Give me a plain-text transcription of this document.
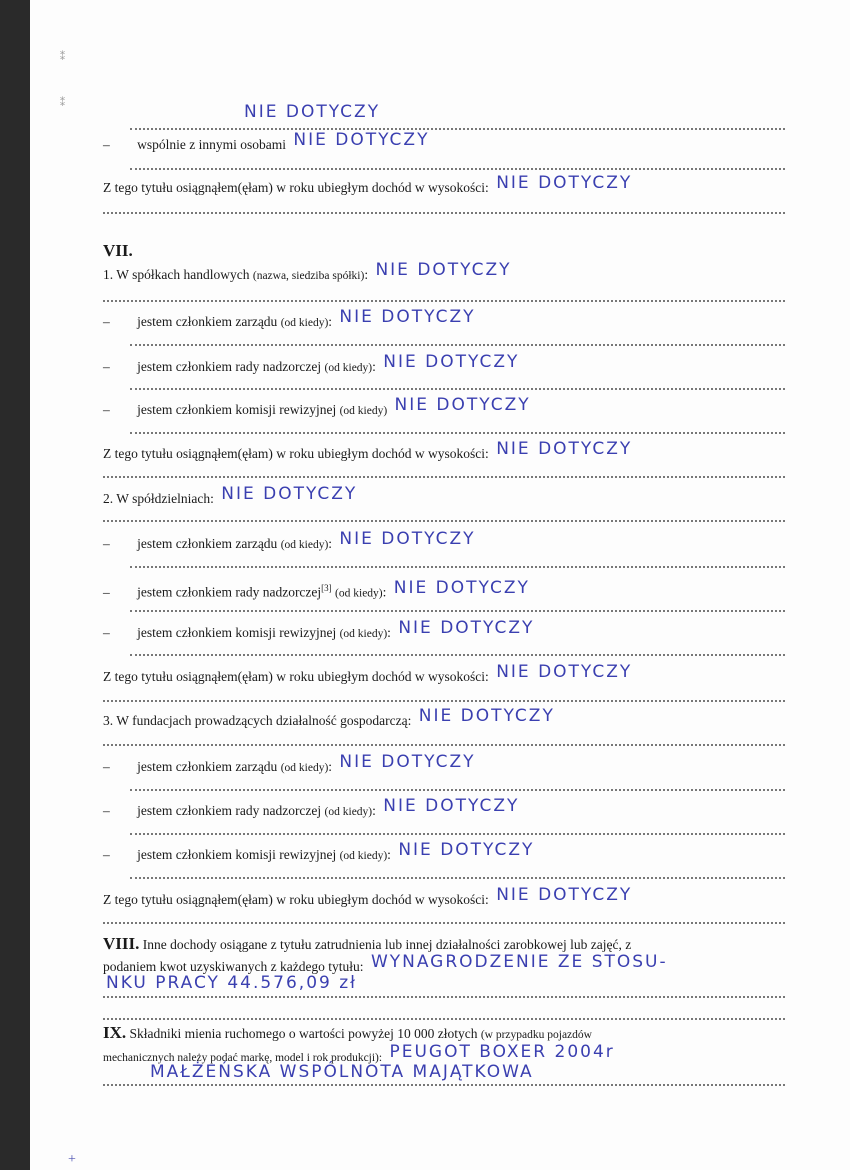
⁑
⁑	NIE DOTYCZY
– wspólnie z innymi osobami NIE DOTYCZY
Z tego tytułu osiągnąłem(ęłam) w roku ubiegłym dochód w wysokości: NIE DOTYCZY
VII.
1. W spółkach handlowych (nazwa, siedziba spółki): NIE DOTYCZY
– jestem członkiem zarządu (od kiedy): NIE DOTYCZY
– jestem członkiem rady nadzorczej (od kiedy): NIE DOTYCZY
– jestem członkiem komisji rewizyjnej (od kiedy) NIE DOTYCZY
Z tego tytułu osiągnąłem(ęłam) w roku ubiegłym dochód w wysokości: NIE DOTYCZY
2. W spółdzielniach: NIE DOTYCZY
– jestem członkiem zarządu (od kiedy): NIE DOTYCZY
– jestem członkiem rady nadzorczej[3] (od kiedy): NIE DOTYCZY
– jestem członkiem komisji rewizyjnej (od kiedy): NIE DOTYCZY
Z tego tytułu osiągnąłem(ęłam) w roku ubiegłym dochód w wysokości: NIE DOTYCZY
3. W fundacjach prowadzących działalność gospodarczą: NIE DOTYCZY
– jestem członkiem zarządu (od kiedy): NIE DOTYCZY
– jestem członkiem rady nadzorczej (od kiedy): NIE DOTYCZY
– jestem członkiem komisji rewizyjnej (od kiedy): NIE DOTYCZY
Z tego tytułu osiągnąłem(ęłam) w roku ubiegłym dochód w wysokości: NIE DOTYCZY
VIII. Inne dochody osiągane z tytułu zatrudnienia lub innej działalności zarobkowej lub zajęć, z
podaniem kwot uzyskiwanych z każdego tytułu: WYNAGRODZENIE ZE STOSU-
NKU PRACY 44.576,09 zł
IX. Składniki mienia ruchomego o wartości powyżej 10 000 złotych (w przypadku pojazdów
mechanicznych należy podać markę, model i rok produkcji): PEUGOT BOXER 2004r
MAŁŻEŃSKA WSPÓLNOTA MAJĄTKOWA
+
